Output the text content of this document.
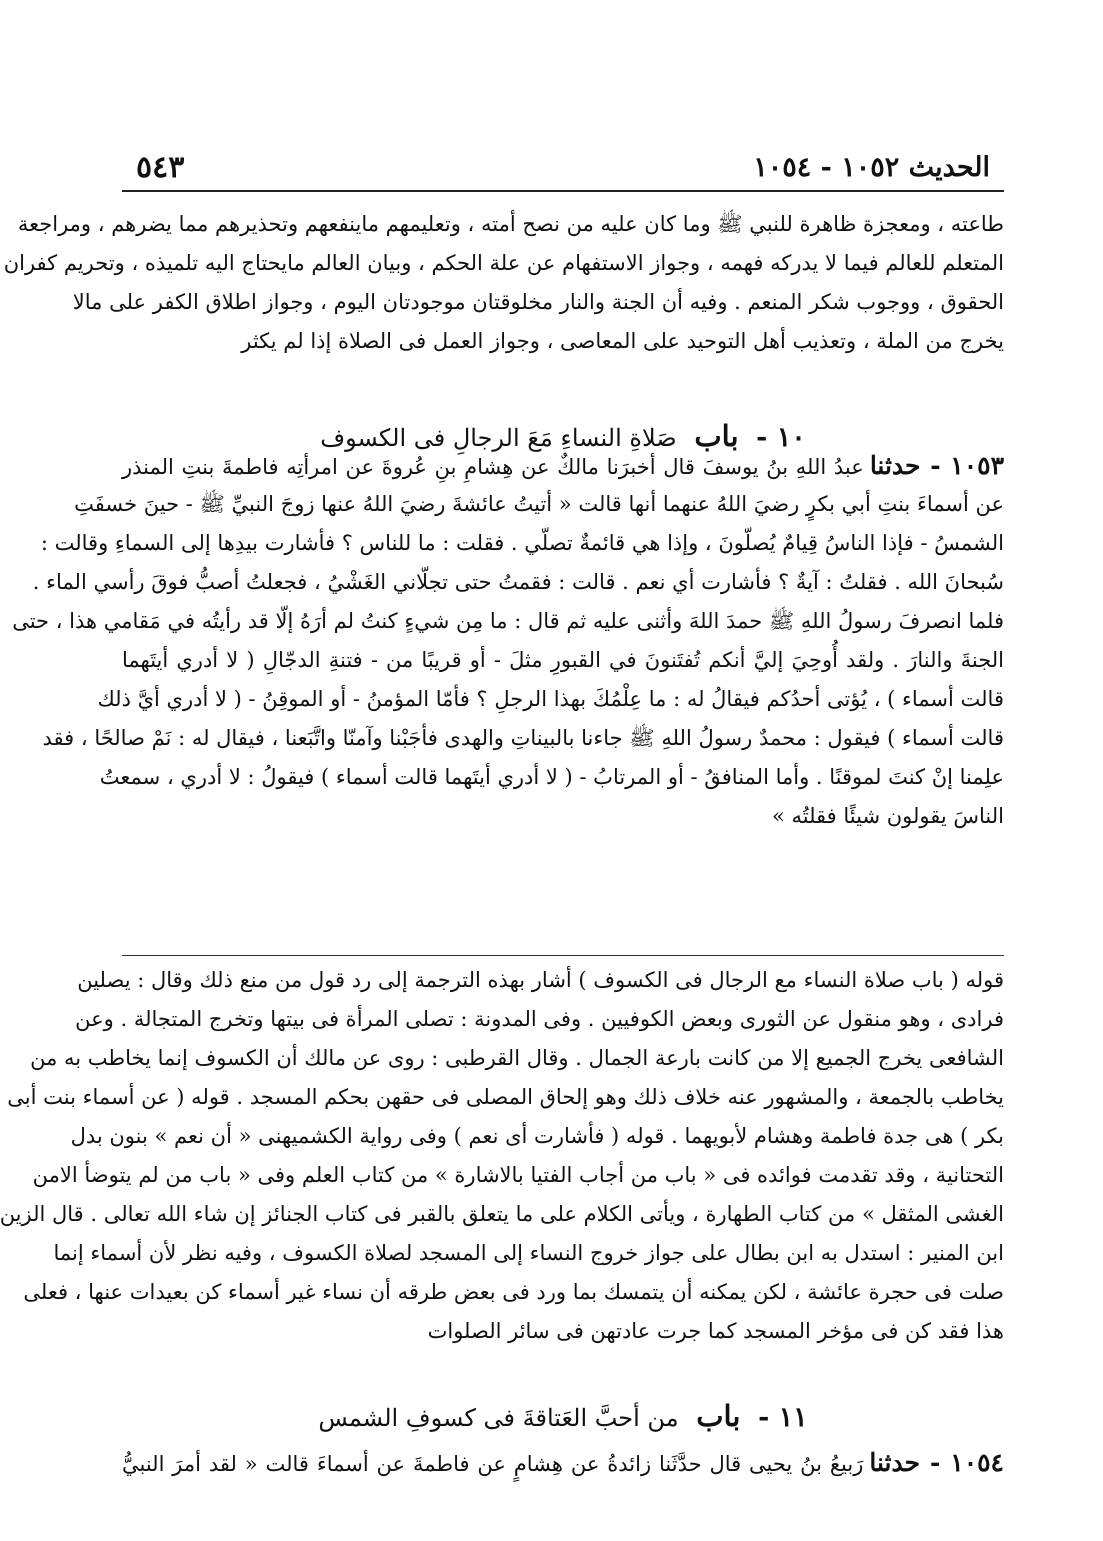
٥٤٣	الحديث ١٠٥٢ - ١٠٥٤
طاعته ، ومعجزة ظاهرة للنبي ﷺ وما كان عليه من نصح أمته ، وتعليمهم ماينفعهم وتحذيرهم مما يضرهم ، ومراجعة
المتعلم للعالم فيما لا يدركه فهمه ، وجواز الاستفهام عن علة الحكم ، وبيان العالم مايحتاج اليه تلميذه ، وتحريم كفران
الحقوق ، ووجوب شكر المنعم . وفيه أن الجنة والنار مخلوقتان موجودتان اليوم ، وجواز اطلاق الكفر على مالا
يخرج من الملة ، وتعذيب أهل التوحيد على المعاصى ، وجواز العمل فى الصلاة إذا لم يكثر
١٠ - باب صَلاةِ النساءِ مَعَ الرجالِ فى الكسوف
١٠٥٣ - حدثناعبدُ اللهِ بنُ يوسفَ قال أخبرَنا مالكٌ عن هِشامِ بنِ عُروةَ عن امرأتِه فاطمةَ بنتِ المنذر
عن أسماءَ بنتِ أبي بكرٍ رضيَ اللهُ عنهما أنها قالت « أتيتُ عائشةَ رضيَ اللهُ عنها زوجَ النبيِّ ﷺ - حينَ خسفَتِ
الشمسُ - فإذا الناسُ قِيامٌ يُصلّونَ ، وإذا هي قائمةٌ تصلّي . فقلت : ما للناس ؟ فأشارت بيدِها إلى السماءِ وقالت :
سُبحانَ الله . فقلتُ : آيةٌ ؟ فأشارت أي نعم . قالت : فقمتُ حتى تجلّاني الغَشْيُ ، فجعلتُ أصبُّ فوقَ رأسي الماء .
فلما انصرفَ رسولُ اللهِ ﷺ حمدَ اللهَ وأثنى عليه ثم قال : ما مِن شيءٍ كنتُ لم أرَهُ إلّا قد رأيتُه في مَقامي هذا ، حتى
الجنةَ والنارَ . ولقد أُوحِيَ إليَّ أنكم تُفتَنونَ في القبورِ مثلَ - أو قريبًا من - فتنةِ الدجّالِ ( لا أدري أيتَهما
قالت أسماء ) ، يُؤتى أحدُكم فيقالُ له : ما عِلْمُكَ بهذا الرجلِ ؟ فأمّا المؤمنُ - أو الموقِنُ - ( لا أدري أيَّ ذلك
قالت أسماء ) فيقول : محمدٌ رسولُ اللهِ ﷺ جاءنا بالبيناتِ والهدى فأجَبْنا وآمنّا واتَّبَعنا ، فيقال له : نَمْ صالحًا ، فقد
علِمنا إنْ كنتَ لموقنًا . وأما المنافقُ - أو المرتابُ - ( لا أدري أيتَهما قالت أسماء ) فيقولُ : لا أدري ، سمعتُ
الناسَ يقولون شيئًا فقلتُه »
قوله ( باب صلاة النساء مع الرجال فى الكسوف ) أشار بهذه الترجمة إلى رد قول من منع ذلك وقال : يصلين
فرادى ، وهو منقول عن الثورى وبعض الكوفيين . وفى المدونة : تصلى المرأة فى بيتها وتخرج المتجالة . وعن
الشافعى يخرج الجميع إلا من كانت بارعة الجمال . وقال القرطبى : روى عن مالك أن الكسوف إنما يخاطب به من
يخاطب بالجمعة ، والمشهور عنه خلاف ذلك وهو إلحاق المصلى فى حقهن بحكم المسجد . قوله ( عن أسماء بنت أبى
بكر ) هى جدة فاطمة وهشام لأبويهما . قوله ( فأشارت أى نعم ) وفى رواية الكشميهنى « أن نعم » بنون بدل
التحتانية ، وقد تقدمت فوائده فى « باب من أجاب الفتيا بالاشارة » من كتاب العلم وفى « باب من لم يتوضأ الامن
الغشى المثقل » من كتاب الطهارة ، ويأتى الكلام على ما يتعلق بالقبر فى كتاب الجنائز إن شاء الله تعالى . قال الزين
ابن المنير : استدل به ابن بطال على جواز خروج النساء إلى المسجد لصلاة الكسوف ، وفيه نظر لأن أسماء إنما
صلت فى حجرة عائشة ، لكن يمكنه أن يتمسك بما ورد فى بعض طرقه أن نساء غير أسماء كن بعيدات عنها ، فعلى
هذا فقد كن فى مؤخر المسجد كما جرت عادتهن فى سائر الصلوات
١١ - باب من أحبَّ العَتاقةَ فى كسوفِ الشمس
١٠٥٤ - حدثنارَبيعُ بنُ يحيى قال حدَّثَنا زائدةُ عن هِشامٍ عن فاطمةَ عن أسماءَ قالت « لقد أمرَ النبيُّ
